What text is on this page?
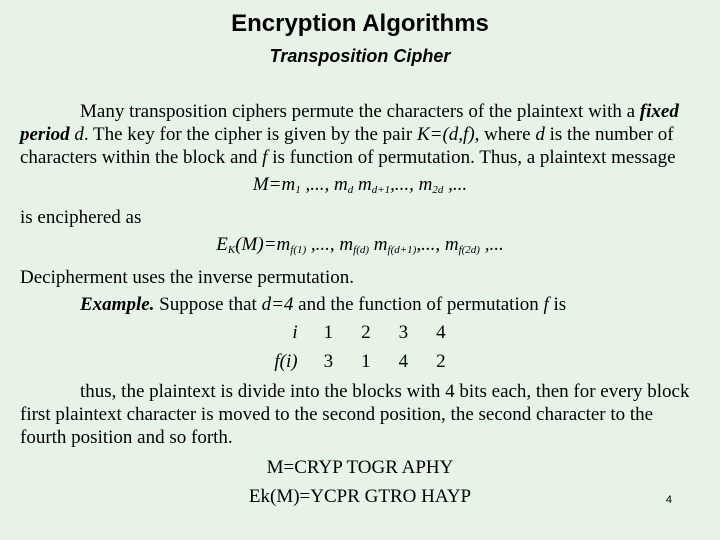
Encryption Algorithms
Transposition Cipher

Many transposition ciphers permute the characters of the plaintext with a fixed period d. The key for the cipher is given by the pair K=(d,f), where d is the number of characters within the block and f is function of permutation. Thus, a plaintext message

$M=m_1$ ,..., $m_d$ $m_{d+1}$,..., $m_{2d}$ ,...

is enciphered as

$E_K(M)=m_{f(1)}$ ,..., $m_{f(d)}$ $m_{f(d+1)}$,..., $m_{f(2d)}$ ,...

Decipherment uses the inverse permutation.

Example. Suppose that d=4 and the function of permutation f is

i	1	2	3	4
f(i)	3	1	4	2

thus, the plaintext is divide into the blocks with 4 bits each, then for every block first plaintext character is moved to the second position, the second character to the fourth position and so forth.

M=CRYP TOGR APHY

Ek(M)=YCPR GTRO HAYP	4
